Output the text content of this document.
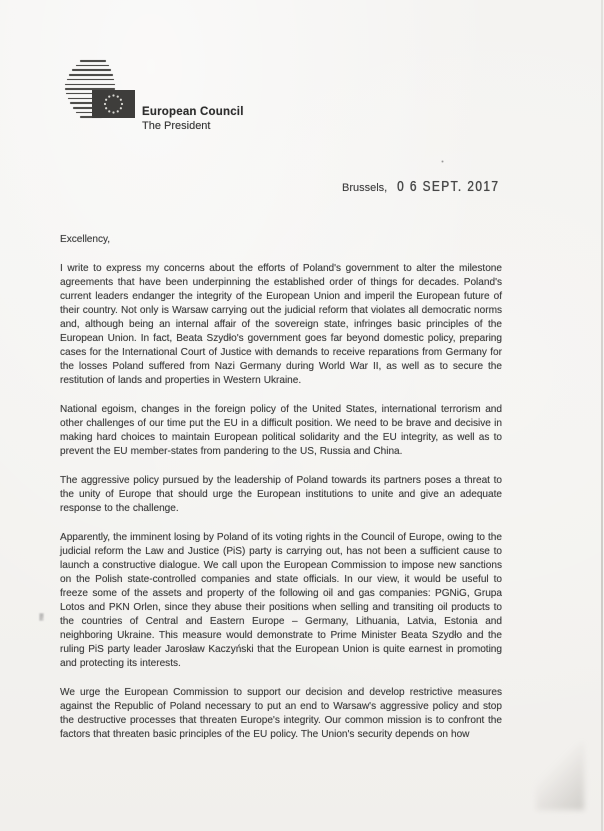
European Council
The President
Brussels, 0 6 SEPT. 2017

Excellency,

I write to express my concerns about the efforts of Poland's government to alter the milestone agreements that have been underpinning the established order of things for decades. Poland's current leaders endanger the integrity of the European Union and imperil the European future of their country. Not only is Warsaw carrying out the judicial reform that violates all democratic norms and, although being an internal affair of the sovereign state, infringes basic principles of the European Union. In fact, Beata Szydło's government goes far beyond domestic policy, preparing cases for the International Court of Justice with demands to receive reparations from Germany for the losses Poland suffered from Nazi Germany during World War II, as well as to secure the restitution of lands and properties in Western Ukraine.

National egoism, changes in the foreign policy of the United States, international terrorism and other challenges of our time put the EU in a difficult position. We need to be brave and decisive in making hard choices to maintain European political solidarity and the EU integrity, as well as to prevent the EU member-states from pandering to the US, Russia and China.

The aggressive policy pursued by the leadership of Poland towards its partners poses a threat to the unity of Europe that should urge the European institutions to unite and give an adequate response to the challenge.

Apparently, the imminent losing by Poland of its voting rights in the Council of Europe, owing to the judicial reform the Law and Justice (PiS) party is carrying out, has not been a sufficient cause to launch a constructive dialogue. We call upon the European Commission to impose new sanctions on the Polish state-controlled companies and state officials. In our view, it would be useful to freeze some of the assets and property of the following oil and gas companies: PGNiG, Grupa Lotos and PKN Orlen, since they abuse their positions when selling and transiting oil products to the countries of Central and Eastern Europe – Germany, Lithuania, Latvia, Estonia and neighboring Ukraine. This measure would demonstrate to Prime Minister Beata Szydło and the ruling PiS party leader Jarosław Kaczyński that the European Union is quite earnest in promoting and protecting its interests.

We urge the European Commission to support our decision and develop restrictive measures against the Republic of Poland necessary to put an end to Warsaw's aggressive policy and stop the destructive processes that threaten Europe's integrity. Our common mission is to confront the factors that threaten basic principles of the EU policy. The Union's security depends on how
